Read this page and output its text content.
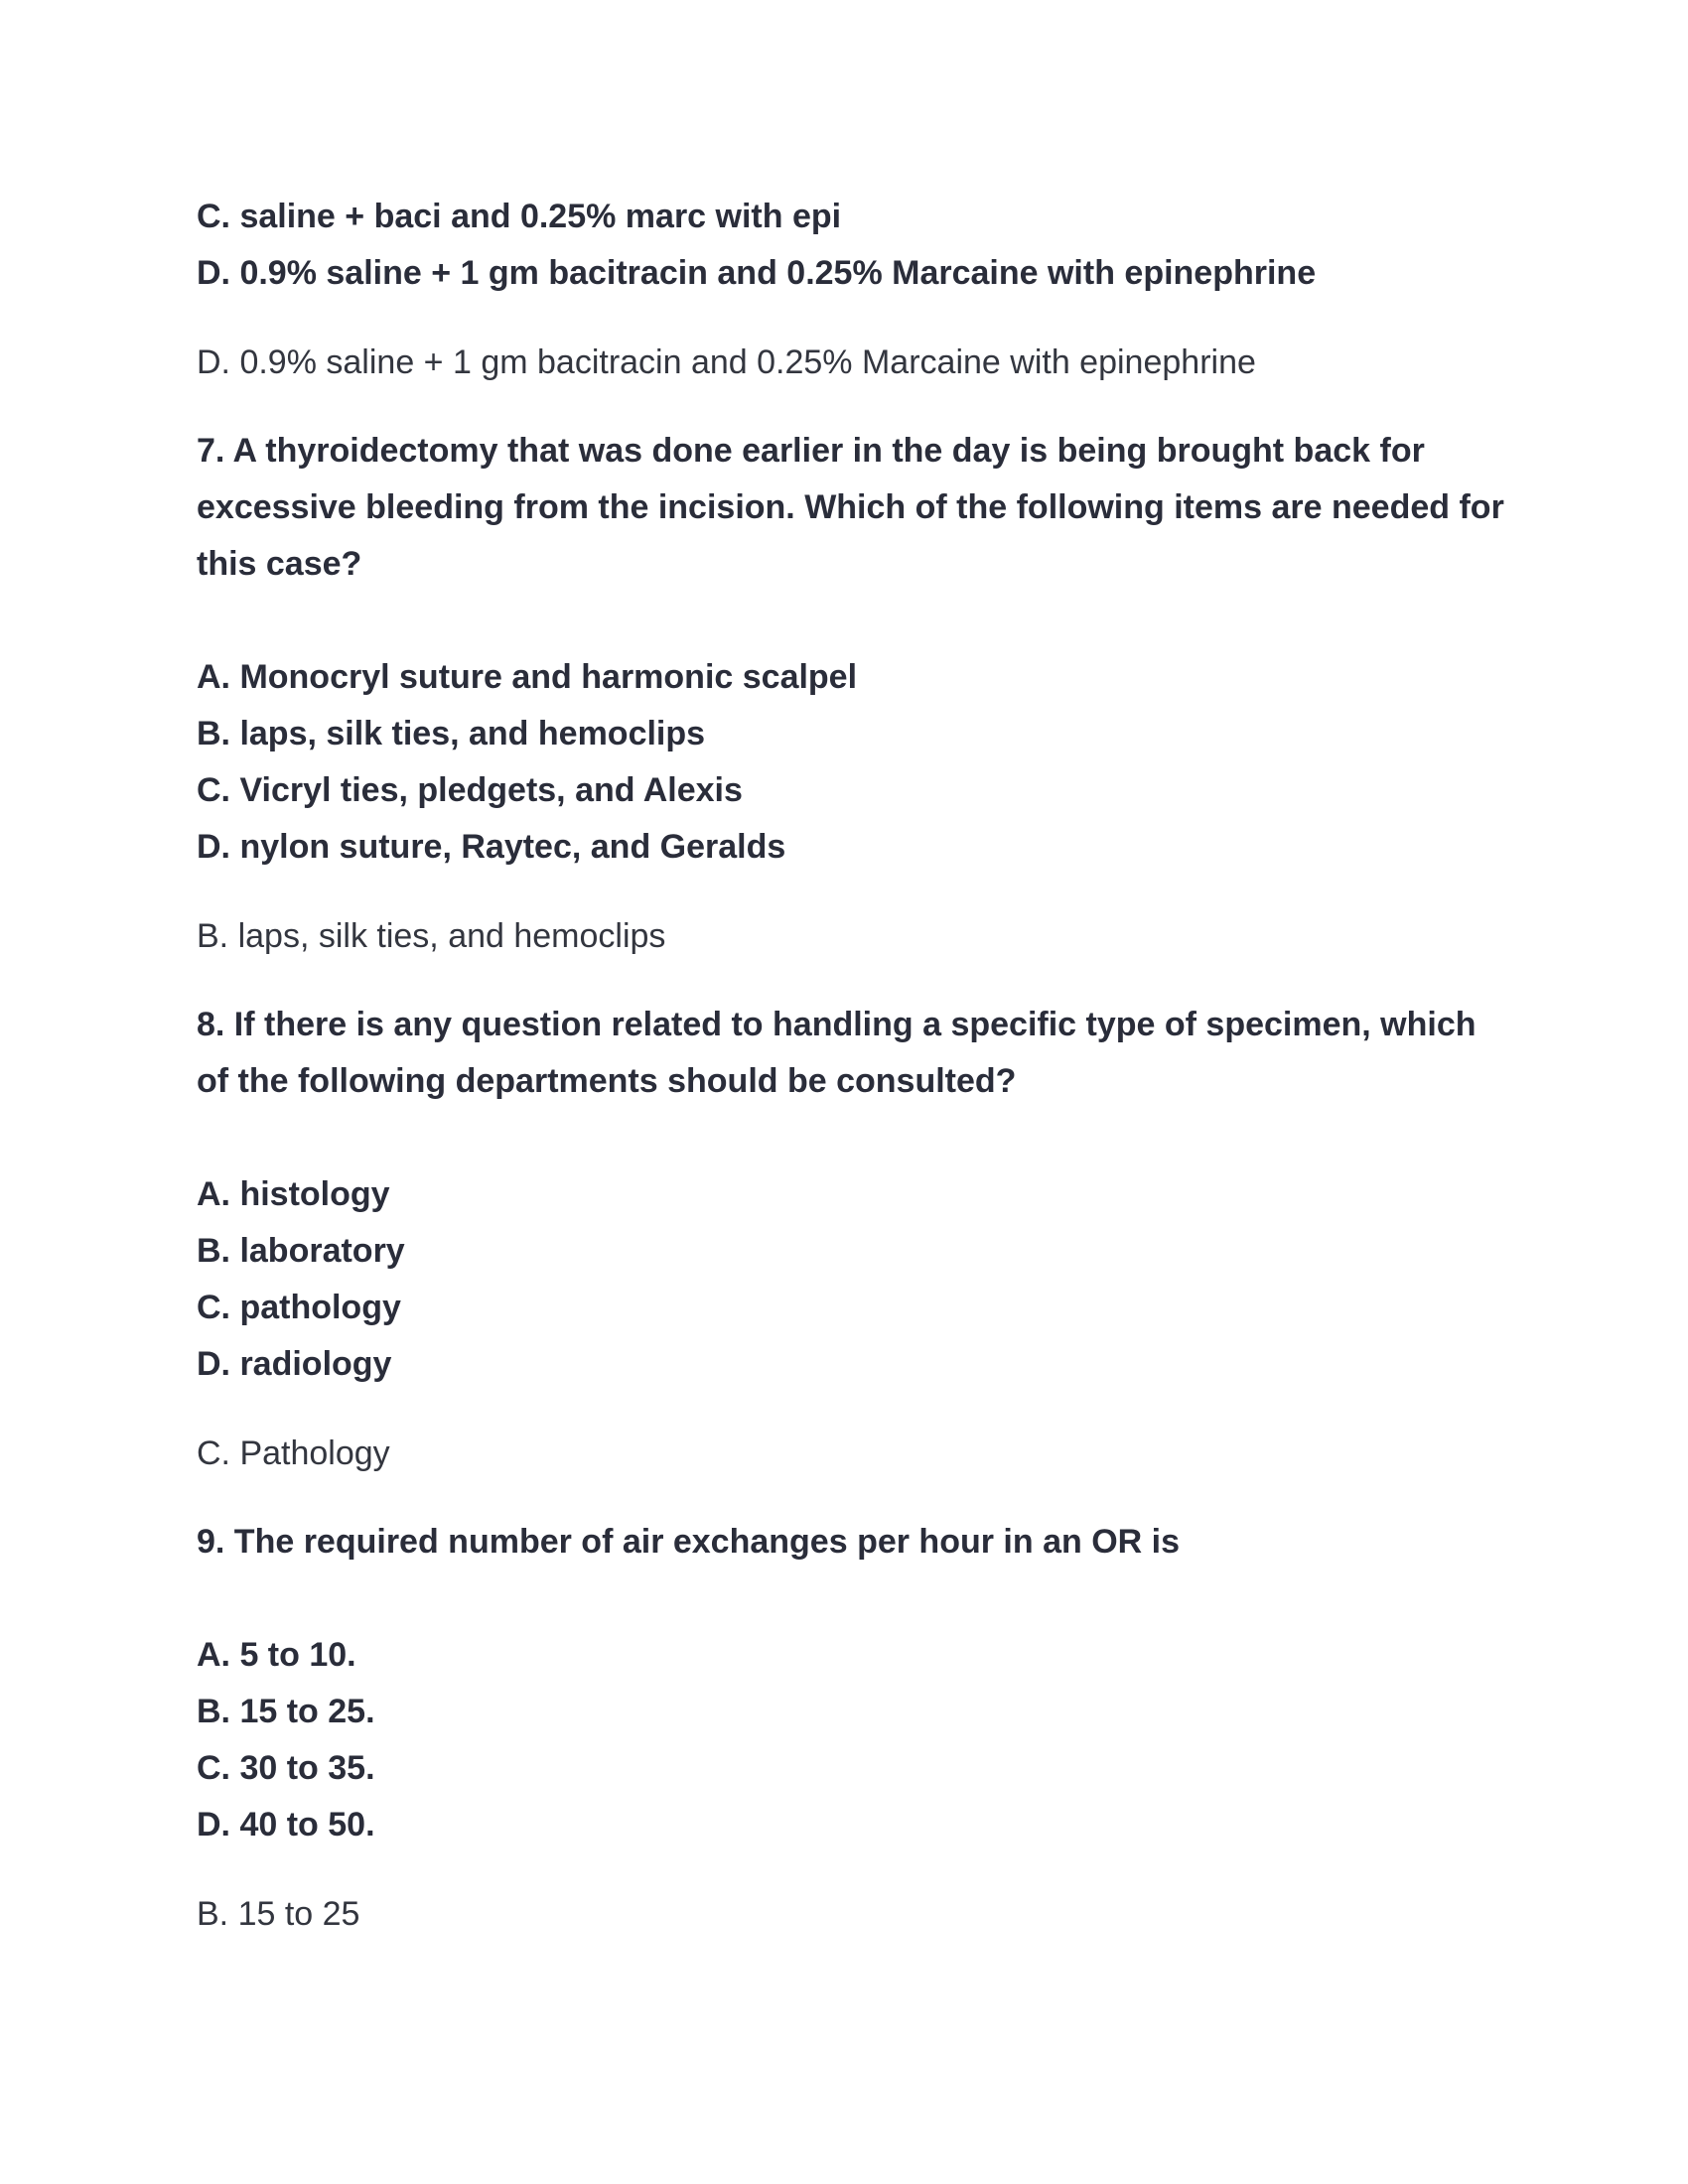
C. saline + baci and 0.25% marc with epi
D. 0.9% saline + 1 gm bacitracin and 0.25% Marcaine with epinephrine
D. 0.9% saline + 1 gm bacitracin and 0.25% Marcaine with epinephrine
7. A thyroidectomy that was done earlier in the day is being brought back for
excessive bleeding from the incision. Which of the following items are needed for
this case?
A. Monocryl suture and harmonic scalpel
B. laps, silk ties, and hemoclips
C. Vicryl ties, pledgets, and Alexis
D. nylon suture, Raytec, and Geralds
B. laps, silk ties, and hemoclips
8. If there is any question related to handling a specific type of specimen, which
of the following departments should be consulted?
A. histology
B. laboratory
C. pathology
D. radiology
C. Pathology
9. The required number of air exchanges per hour in an OR is
A. 5 to 10.
B. 15 to 25.
C. 30 to 35.
D. 40 to 50.
B. 15 to 25
